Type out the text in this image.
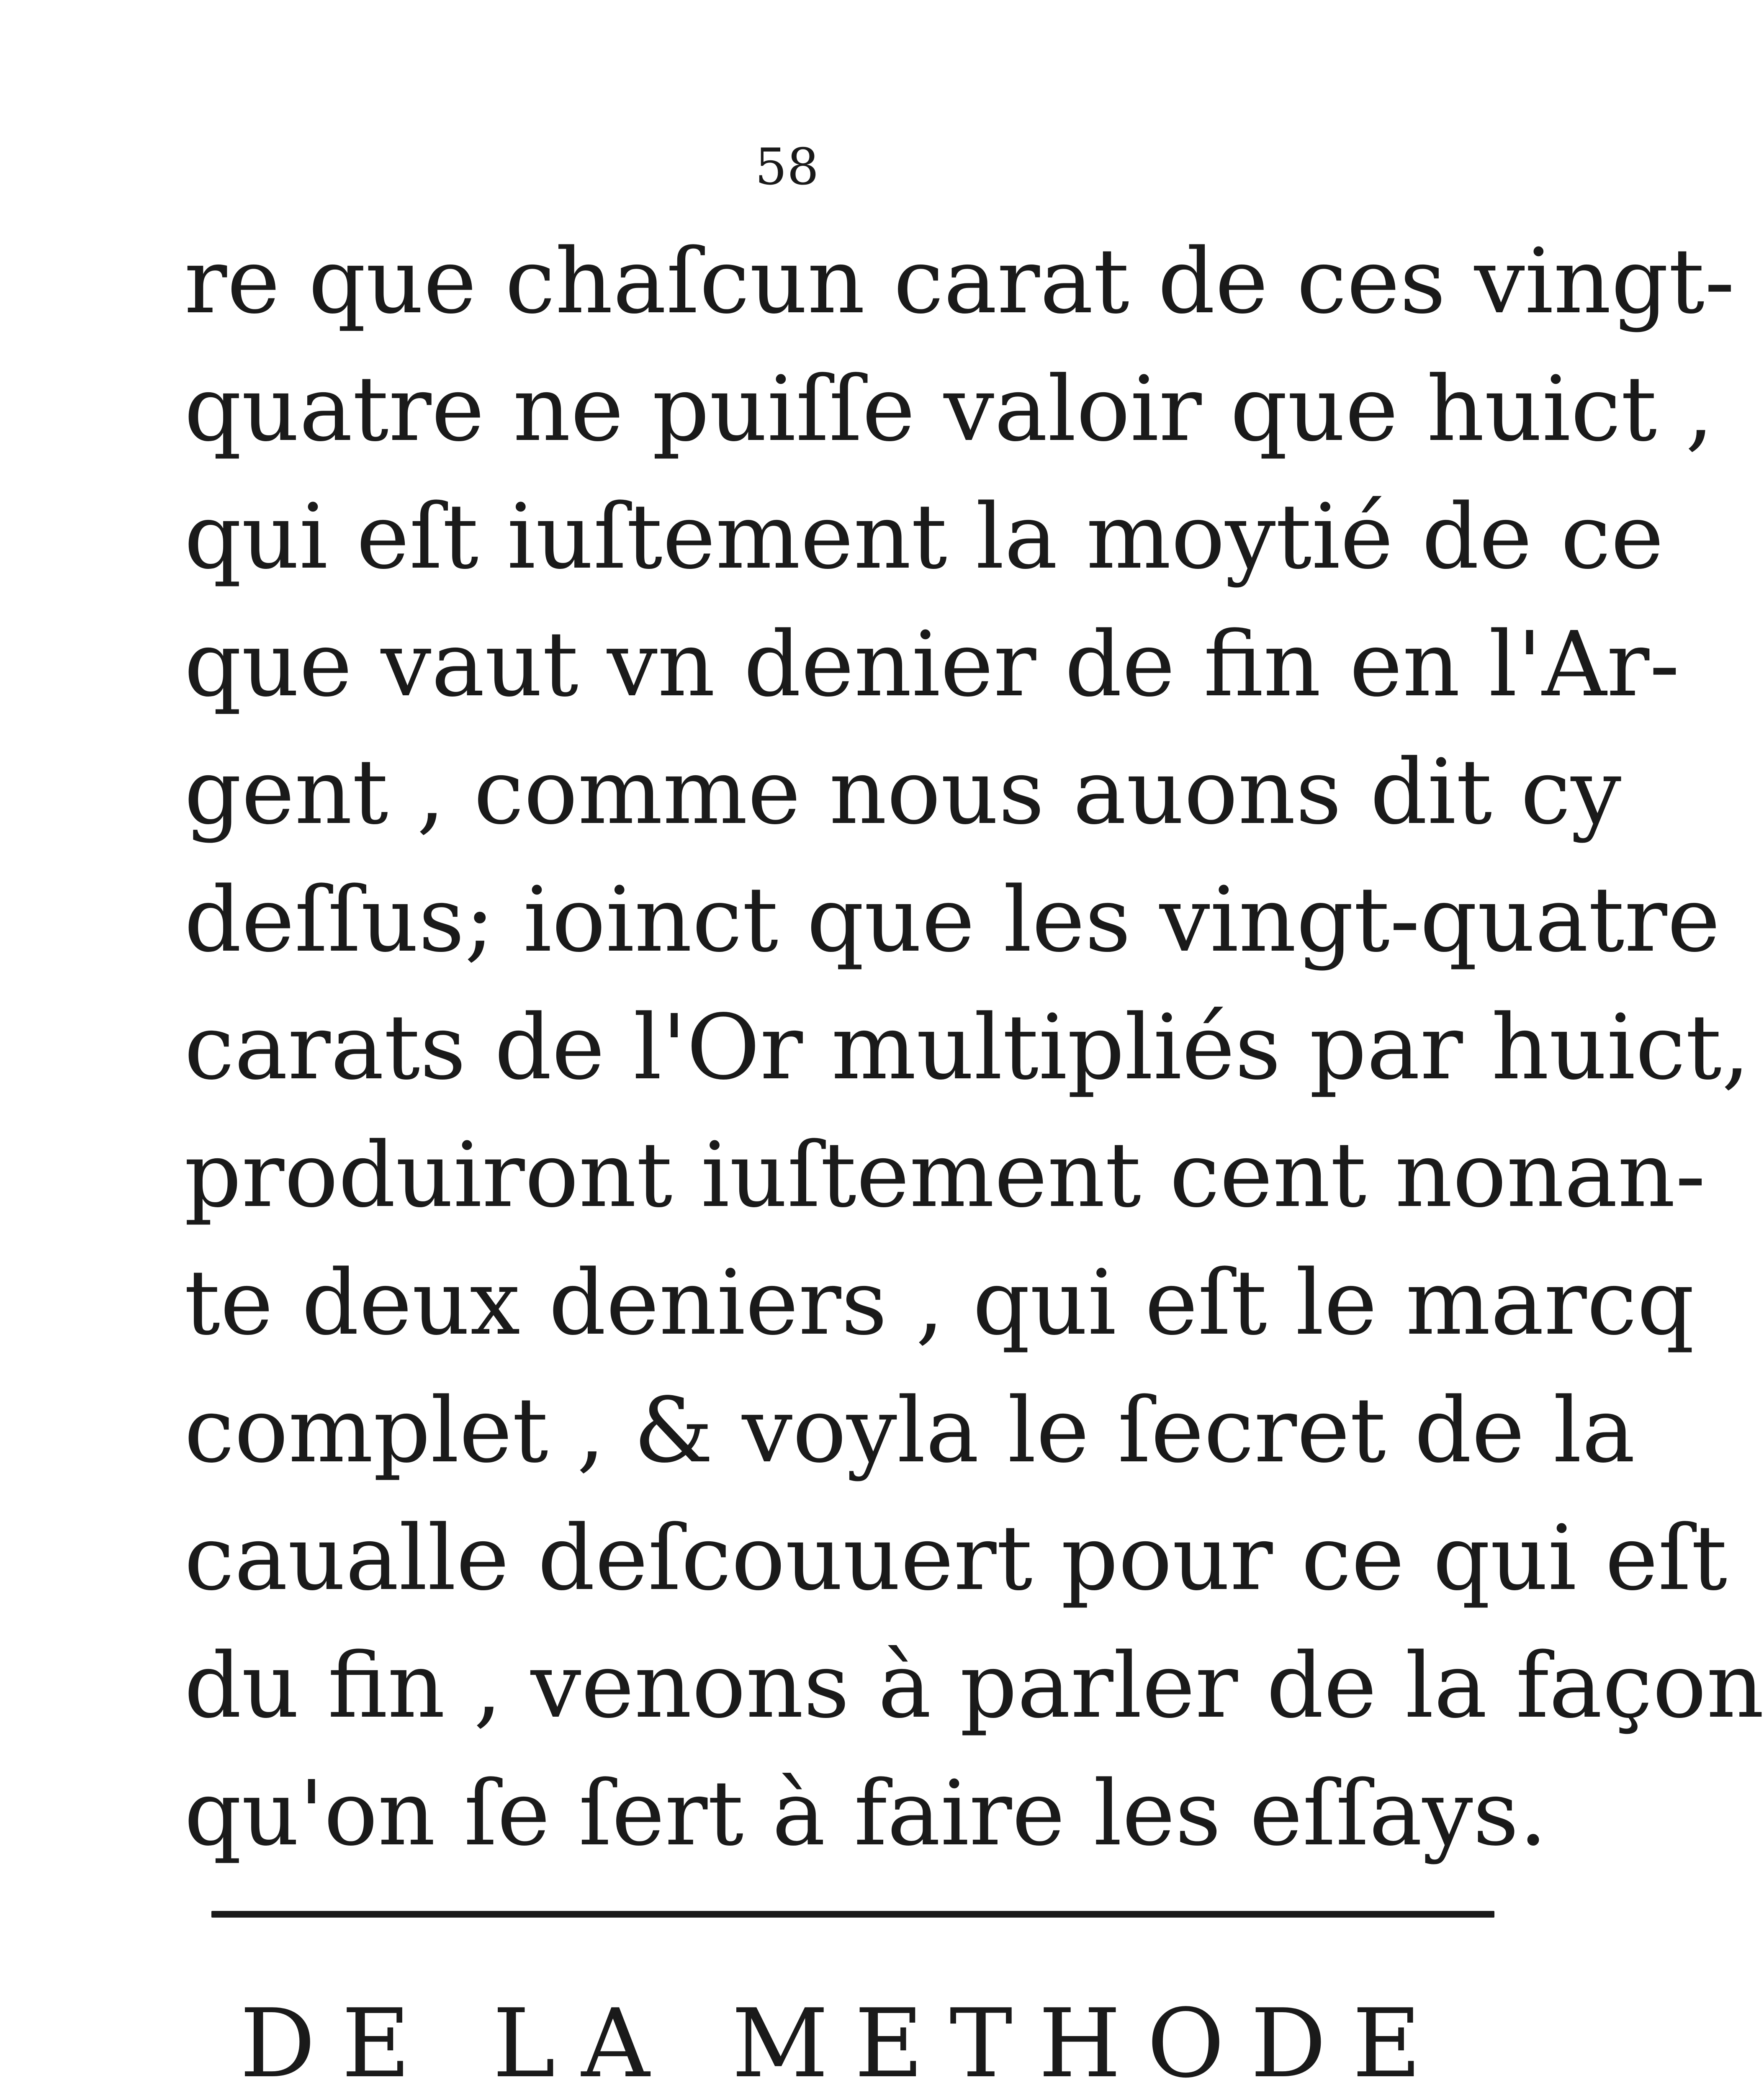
58
re que chaſcun carat de ces vingt-
quatre ne puiſſe valoir que huict ,
qui eſt iuſtement la moytié de ce
que vaut vn denier de fin en l'Ar-
gent , comme nous auons dit cy
deſſus; ioinct que les vingt-quatre
carats de l'Or multipliés par huict,
produiront iuſtement cent nonan-
te deux deniers , qui eſt le marcq
complet , & voyla le ſecret de la
caualle deſcouuert pour ce qui eſt
du fin , venons à parler de la façon
qu'on ſe ſert à faire les eſſays.
DE LA METHODE
